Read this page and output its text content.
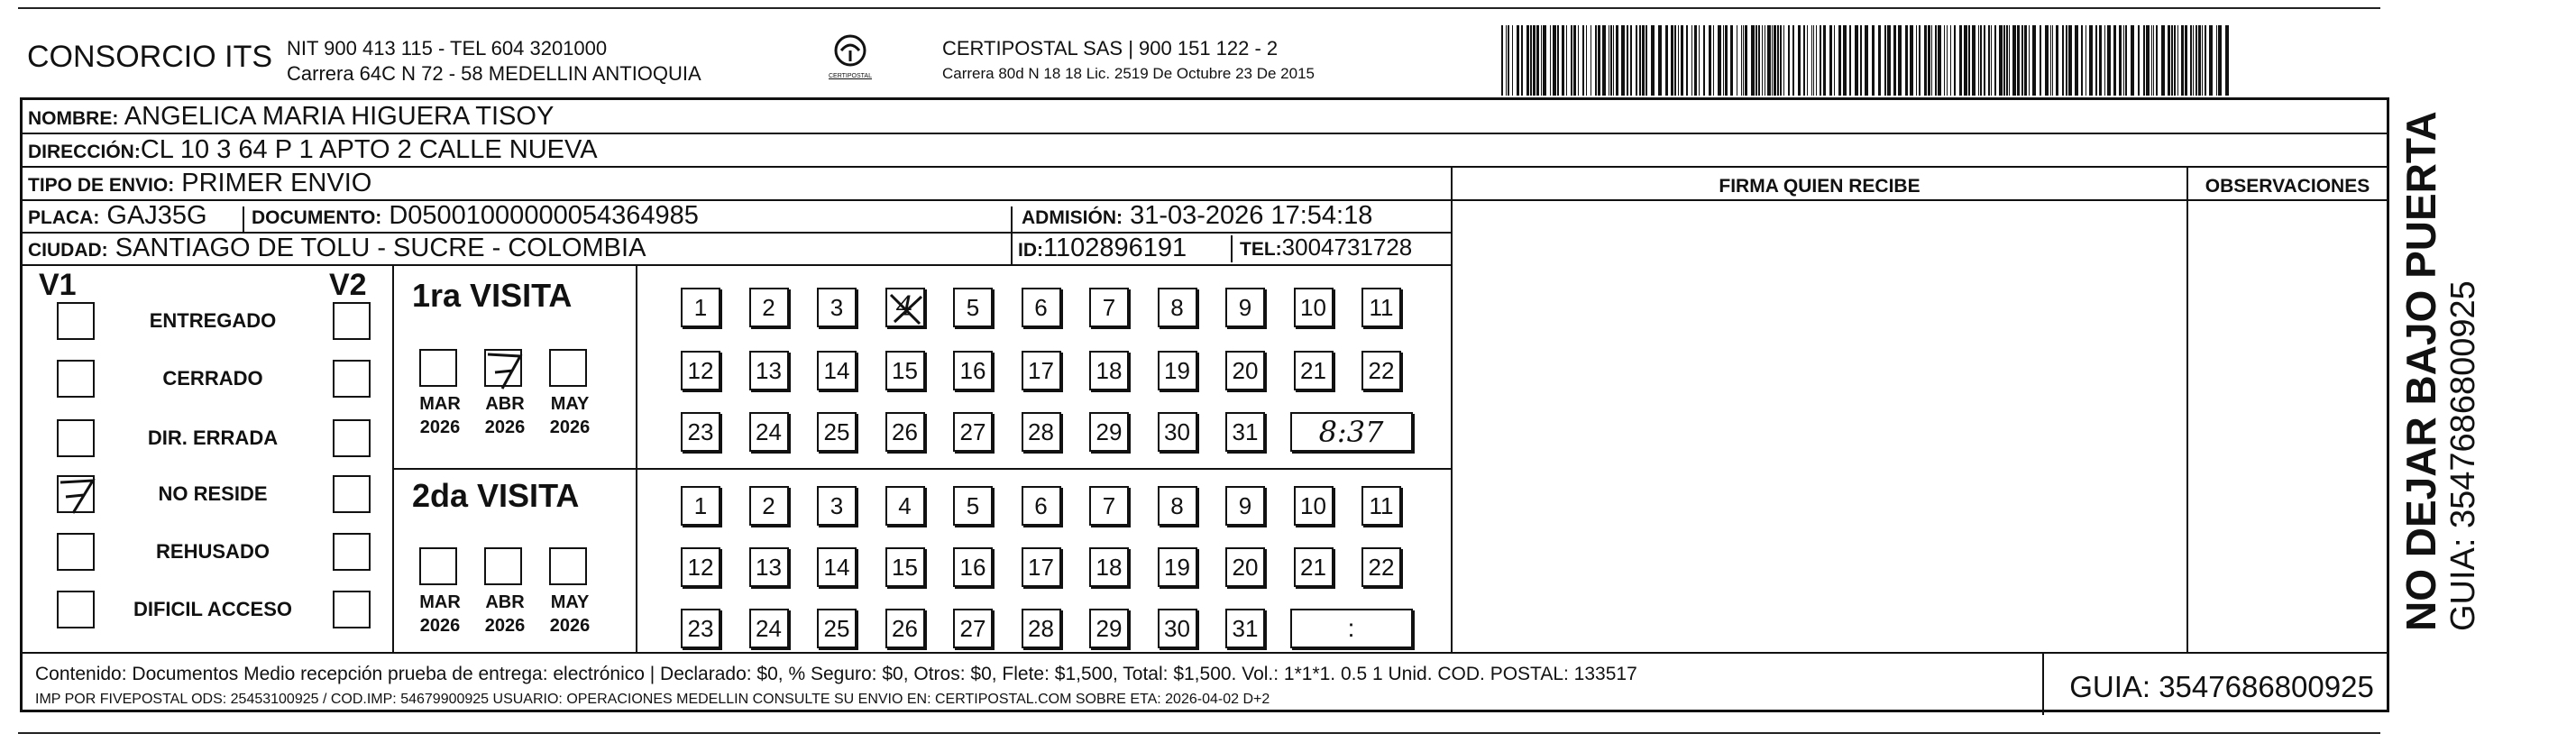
CONSORCIO ITS NIT 900 413 115 - TEL 604 3201000
Carrera 64C N 72 - 58 MEDELLIN ANTIOQUIA	CERTIPOSTAL
CERTIPOSTAL SAS | 900 151 122 - 2
Carrera 80d N 18 18 Lic. 2519 De Octubre 23 De 2015
NOMBRE: ANGELICA MARIA HIGUERA TISOY
DIRECCIÓN:CL 10 3 64 P 1 APTO 2 CALLE NUEVA
TIPO DE ENVIO: PRIMER ENVIO
PLACA: GAJ35G DOCUMENTO: D05001000000054364985	ADMISIÓN: 31-03-2026 17:54:18
CIUDAD: SANTIAGO DE TOLU - SUCRE - COLOMBIA	ID:1102896191	TEL:3004731728
FIRMA QUIEN RECIBE	OBSERVACIONES
V1	V2
ENTREGADO
CERRADO
DIR. ERRADA
NO RESIDE
REHUSADO
DIFICIL ACCESO
1ra VISITA
MAR
2026
ABR
2026
MAY
2026
1	2	3	4	5	6	7	8	9	10	11
12 13 14 15 16 17 18 19 20 21 22
23 24 25 26 27 28 29 30 31	8:37
2da VISITA
MAR
2026
ABR
2026
MAY
2026
1	2	3	4	5	6	7	8	9	10	11
12 13 14 15 16 17 18 19 20 21 22
23 24 25 26 27 28 29 30 31	:
Contenido: Documentos Medio recepción prueba de entrega: electrónico | Declarado: $0, % Seguro: $0, Otros: $0, Flete: $1,500, Total: $1,500. Vol.: 1*1*1. 0.5 1 Unid. COD. POSTAL: 133517
IMP POR FIVEPOSTAL ODS: 25453100925 / COD.IMP: 54679900925 USUARIO: OPERACIONES MEDELLIN CONSULTE SU ENVIO EN: CERTIPOSTAL.COM SOBRE ETA: 2026-04-02 D+2	GUIA: 3547686800925
NO DEJAR BAJO PUERTA GUIA: 3547686800925
